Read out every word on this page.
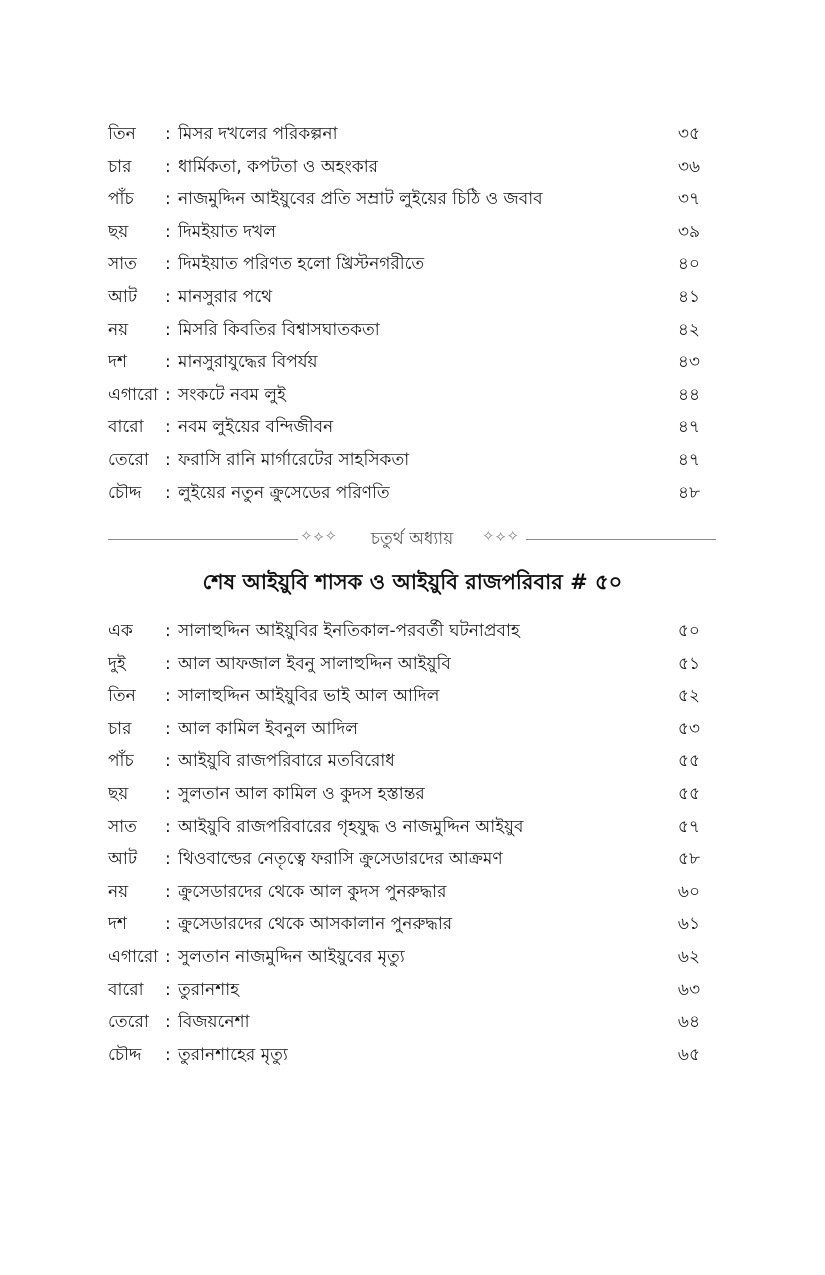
তিন : মিসর দখলের পরিকল্পনা	৩৫
চার : ধার্মিকতা, কপটতা ও অহংকার	৩৬
পাঁচ : নাজমুদ্দিন আইয়ুবের প্রতি সম্রাট লুইয়ের চিঠি ও জবাব	৩৭
ছয় : দিমইয়াত দখল	৩৯
সাত : দিমইয়াত পরিণত হলো খ্রিস্টনগরীতে	৪০
আট : মানসুরার পথে	৪১
নয় : মিসরি কিবতির বিশ্বাসঘাতকতা	৪২
দশ : মানসুরাযুদ্ধের বিপর্যয়	৪৩
এগারো : সংকটে নবম লুই	৪৪
বারো : নবম লুইয়ের বন্দিজীবন	৪৭
তেরো : ফরাসি রানি মার্গারেটের সাহসিকতা	৪৭
চৌদ্দ : লুইয়ের নতুন ক্রুসেডের পরিণতি	৪৮
✧⟡✧	চতুর্থ অধ্যায়	✧⟡✧
শেষ আইয়ুবি শাসক ও আইয়ুবি রাজপরিবার # ৫০
এক : সালাহুদ্দিন আইয়ুবির ইনতিকাল-পরবর্তী ঘটনাপ্রবাহ	৫০
দুই : আল আফজাল ইবনু সালাহুদ্দিন আইয়ুবি	৫১
তিন : সালাহুদ্দিন আইয়ুবির ভাই আল আদিল	৫২
চার : আল কামিল ইবনুল আদিল	৫৩
পাঁচ : আইয়ুবি রাজপরিবারে মতবিরোধ	৫৫
ছয় : সুলতান আল কামিল ও কুদস হস্তান্তর	৫৫
সাত : আইয়ুবি রাজপরিবারের গৃহযুদ্ধ ও নাজমুদ্দিন আইয়ুব	৫৭
আট : থিওবাল্ডের নেতৃত্বে ফরাসি ক্রুসেডারদের আক্রমণ	৫৮
নয় : ক্রুসেডারদের থেকে আল কুদস পুনরুদ্ধার	৬০
দশ : ক্রুসেডারদের থেকে আসকালান পুনরুদ্ধার	৬১
এগারো : সুলতান নাজমুদ্দিন আইয়ুবের মৃত্যু	৬২
বারো : তুরানশাহ	৬৩
তেরো : বিজয়নেশা	৬৪
চৌদ্দ : তুরানশাহের মৃত্যু	৬৫
